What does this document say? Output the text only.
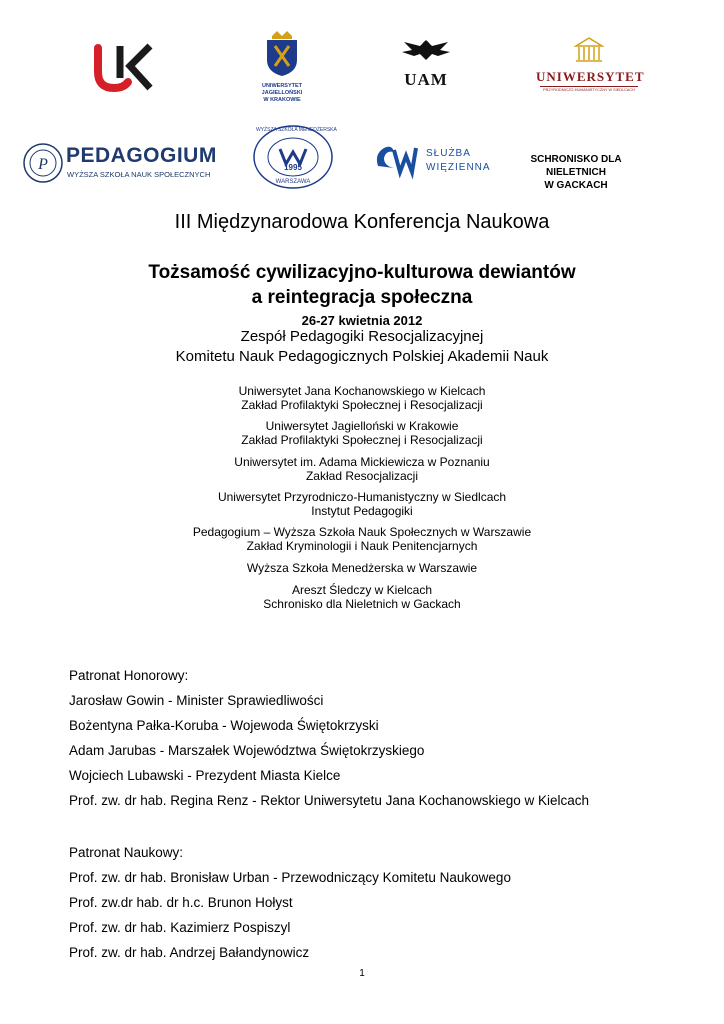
UNIWERSYTET
JAGIELLOŃSKI
W KRAKOWIE
UAM	UNIWERSYTET
PRZYRODNICZO-HUMANISTYCZNY W SIEDLCACH
P PEDAGOGIUM
WYŻSZA SZKOŁA NAUK SPOŁECZNYCH
WYŻSZA SZKOŁA MENEDŻERSKA
1995
WARSZAWA
SŁUŻBA
WIĘZIENNA
SCHRONISKO DLA NIELETNICH
W GACKACH
III Międzynarodowa Konferencja Naukowa
Tożsamość cywilizacyjno-kulturowa dewiantów
a reintegracja społeczna
26-27 kwietnia 2012
Zespół Pedagogiki Resocjalizacyjnej
Komitetu Nauk Pedagogicznych Polskiej Akademii Nauk
Uniwersytet Jana Kochanowskiego w Kielcach
Zakład Profilaktyki Społecznej i Resocjalizacji
Uniwersytet Jagielloński w Krakowie
Zakład Profilaktyki Społecznej i Resocjalizacji
Uniwersytet im. Adama Mickiewicza w Poznaniu
Zakład Resocjalizacji
Uniwersytet Przyrodniczo-Humanistyczny w Siedlcach
Instytut Pedagogiki
Pedagogium – Wyższa Szkoła Nauk Społecznych w Warszawie
Zakład Kryminologii i Nauk Penitencjarnych
Wyższa Szkoła Menedżerska w Warszawie
Areszt Śledczy w Kielcach
Schronisko dla Nieletnich w Gackach
Patronat Honorowy:
Jarosław Gowin - Minister Sprawiedliwości
Bożentyna Pałka-Koruba - Wojewoda Świętokrzyski
Adam Jarubas - Marszałek Województwa Świętokrzyskiego
Wojciech Lubawski - Prezydent Miasta Kielce
Prof. zw. dr hab. Regina Renz - Rektor Uniwersytetu Jana Kochanowskiego w Kielcach
Patronat Naukowy:
Prof. zw. dr hab. Bronisław Urban - Przewodniczący Komitetu Naukowego
Prof. zw.dr hab. dr h.c. Brunon Hołyst
Prof. zw. dr hab. Kazimierz Pospiszyl
Prof. zw. dr hab. Andrzej Bałandynowicz
1
